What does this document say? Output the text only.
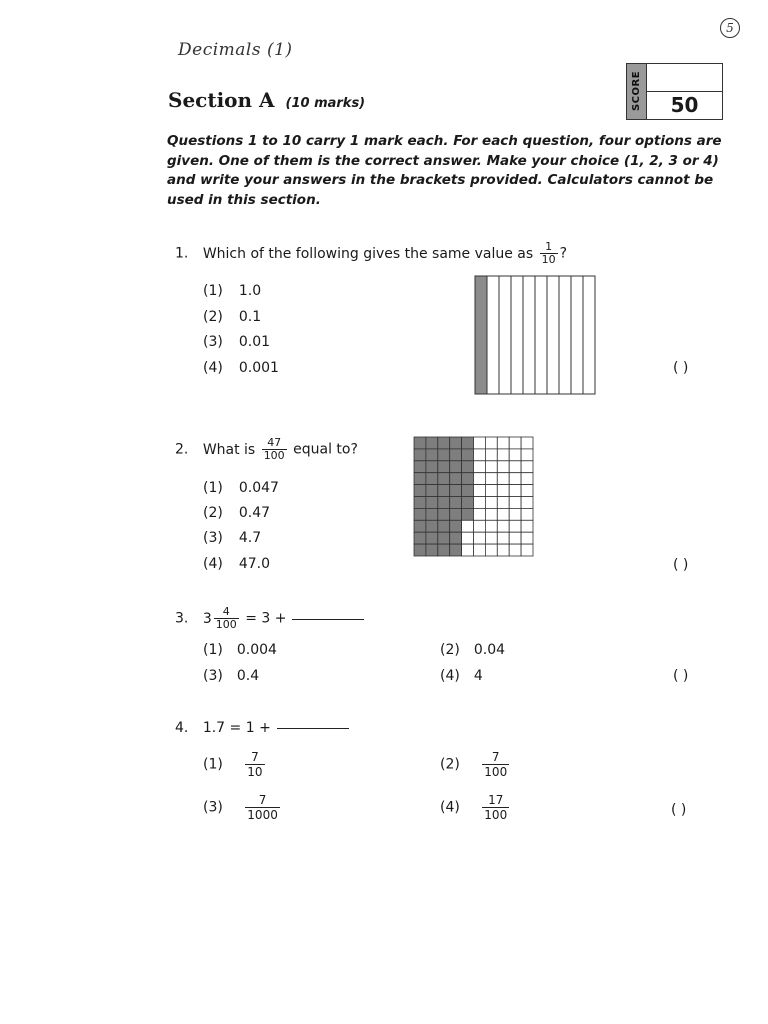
5
Decimals (1)
Section A (10 marks)	SCORE	50
Questions 1 to 10 carry 1 mark each. For each question, four options are given. One of them is the correct answer. Make your choice (1, 2, 3 or 4) and write your answers in the brackets provided. Calculators cannot be used in this section.
1. Which of the following gives the same value as $\frac{1}{10}$ ?
(1) 1.0
(2) 0.1
(3) 0.01
(4) 0.001	( )
2. What is $\frac{47}{100}$ equal to?
(1) 0.047
(2) 0.47
(3) 4.7
(4) 47.0	( )
3. $3 \frac{4}{100} = 3$ +
(1) 0.004	(2) 0.04
(3) 0.4	(4) 4	( )
4. 1.7 = 1 +
$(1) \frac{7}{10}$	$(2) \frac{7}{100}$
$(3) \frac{7}{1000}$	$(4) \frac{17}{100}$	( )
